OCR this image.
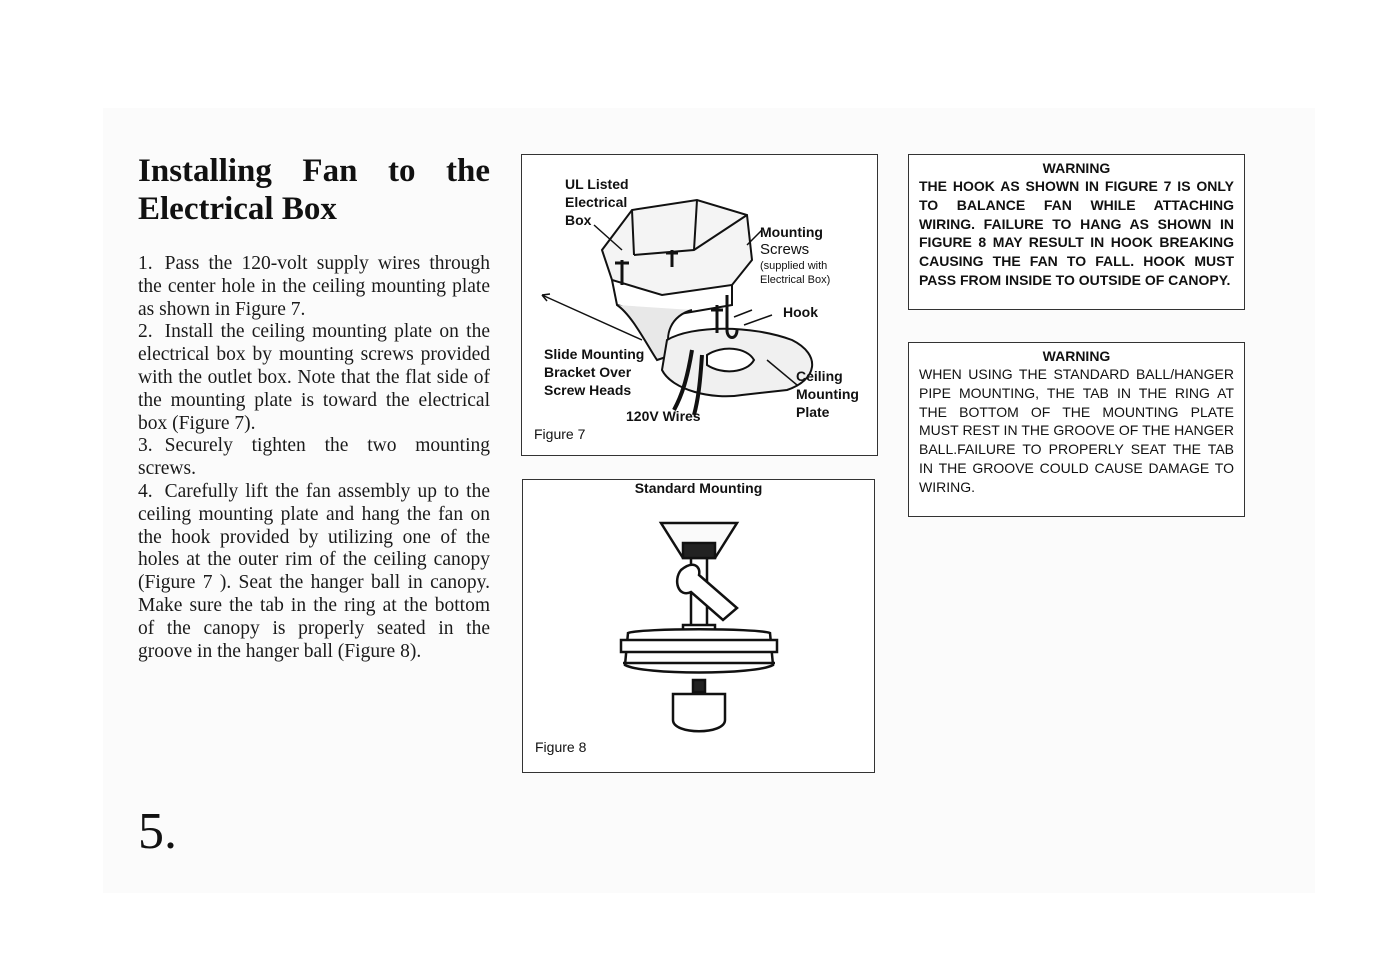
Installing Fan to the
Electrical Box

1. Pass the 120-volt supply wires through the center hole in the ceiling mounting plate as shown in Figure 7.

2. Install the ceiling mounting plate on the electrical box by mounting screws provided with the outlet box. Note that the flat side of the mounting plate is toward the electrical box (Figure 7).

3. Securely tighten the two mounting screws.

4. Carefully lift the fan assembly up to the ceiling mounting plate and hang the fan on the hook provided by utilizing one of the holes at the outer rim of the ceiling canopy (Figure 7 ). Seat the hanger ball in canopy. Make sure the tab in the ring at the bottom of the canopy is properly seated in the groove in the hanger ball (Figure 8).

5.
UL Listed
Electrical
Box
Mounting
Screws
(supplied with
Electrical Box)
Hook
Slide Mounting
Bracket Over
Screw Heads
Ceiling
Mounting
Plate
120V Wires
Figure 7
Standard Mounting
Figure 8
WARNING

THE HOOK AS SHOWN IN FIGURE 7 IS ONLY TO BALANCE FAN WHILE ATTACHING WIRING. FAILURE TO HANG AS SHOWN IN FIGURE 8 MAY RESULT IN HOOK BREAKING CAUSING THE FAN TO FALL. HOOK MUST PASS FROM INSIDE TO OUTSIDE OF CANOPY.

WARNING

WHEN USING THE STANDARD BALL/HANGER PIPE MOUNTING, THE TAB IN THE RING AT THE BOTTOM OF THE MOUNTING PLATE MUST REST IN THE GROOVE OF THE HANGER BALL.FAILURE TO PROPERLY SEAT THE TAB IN THE GROOVE COULD CAUSE DAMAGE TO WIRING.
